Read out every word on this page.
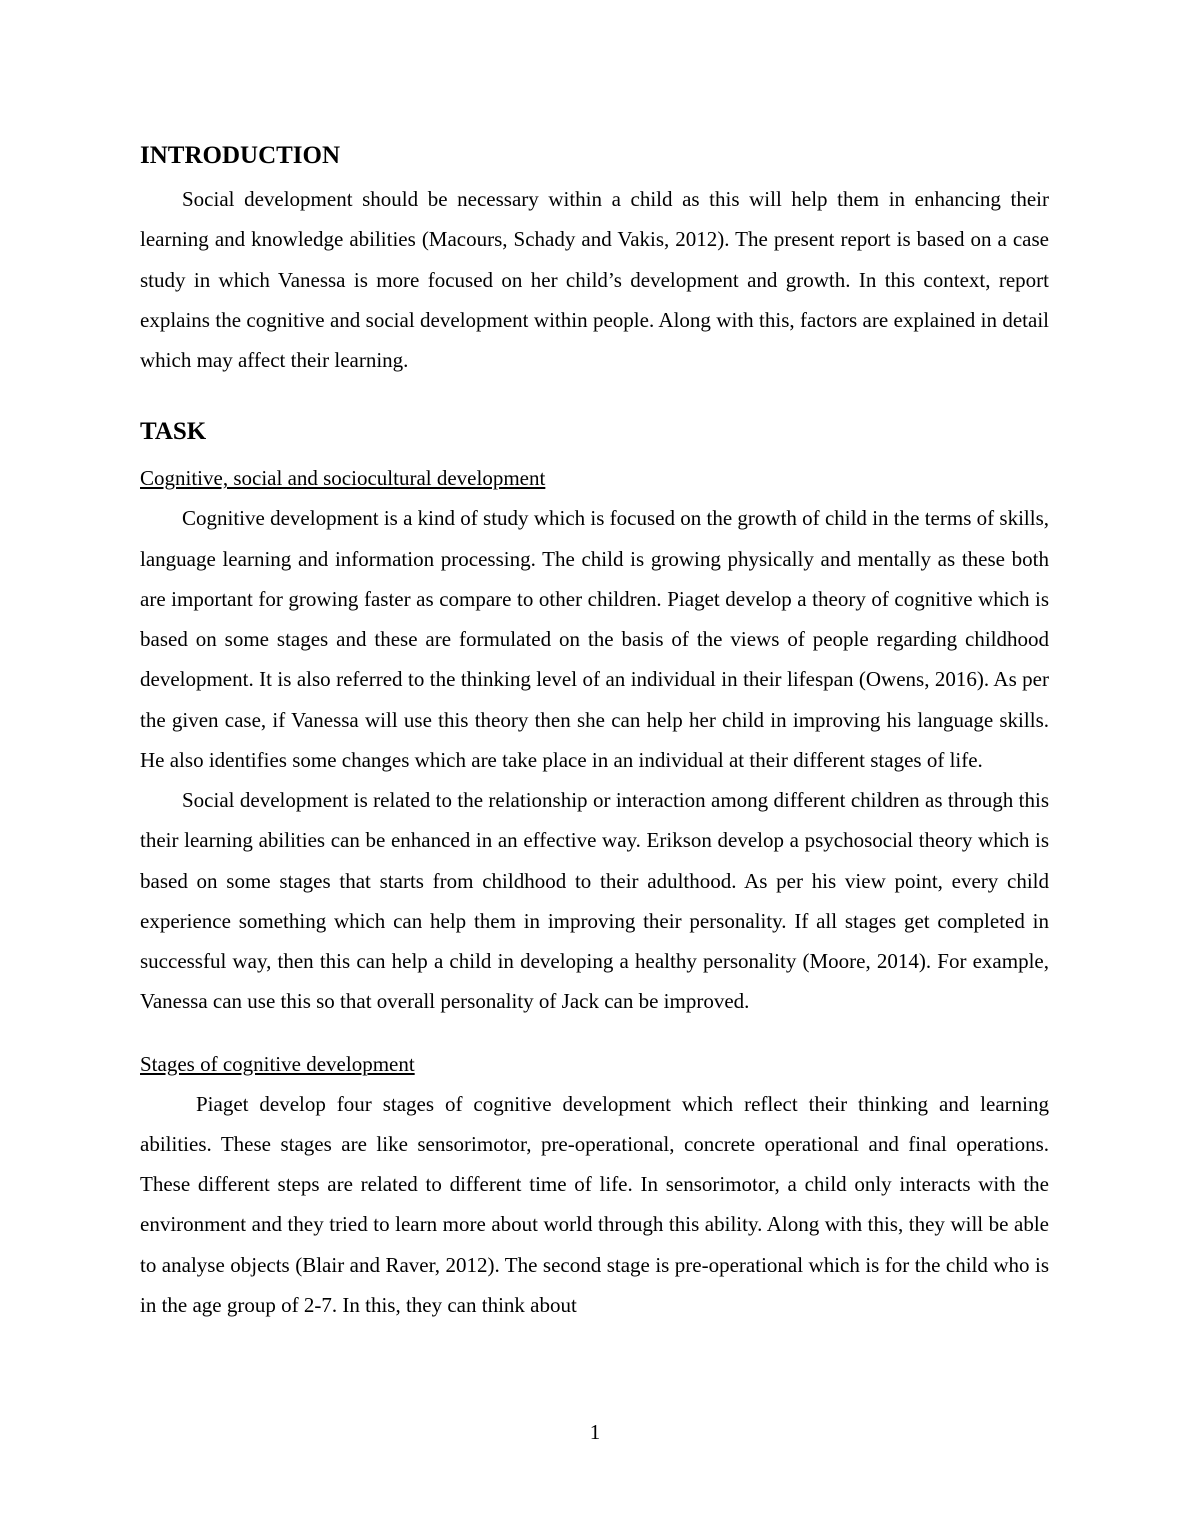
INTRODUCTION

Social development should be necessary within a child as this will help them in enhancing their learning and knowledge abilities (Macours, Schady and Vakis, 2012). The present report is based on a case study in which Vanessa is more focused on her child’s development and growth. In this context, report explains the cognitive and social development within people. Along with this, factors are explained in detail which may affect their learning.

TASK
Cognitive, social and sociocultural development

Cognitive development is a kind of study which is focused on the growth of child in the terms of skills, language learning and information processing. The child is growing physically and mentally as these both are important for growing faster as compare to other children. Piaget develop a theory of cognitive which is based on some stages and these are formulated on the basis of the views of people regarding childhood development. It is also referred to the thinking level of an individual in their lifespan (Owens, 2016). As per the given case, if Vanessa will use this theory then she can help her child in improving his language skills. He also identifies some changes which are take place in an individual at their different stages of life.

Social development is related to the relationship or interaction among different children as through this their learning abilities can be enhanced in an effective way. Erikson develop a psychosocial theory which is based on some stages that starts from childhood to their adulthood. As per his view point, every child experience something which can help them in improving their personality. If all stages get completed in successful way, then this can help a child in developing a healthy personality (Moore, 2014). For example, Vanessa can use this so that overall personality of Jack can be improved.

Stages of cognitive development

Piaget develop four stages of cognitive development which reflect their thinking and learning abilities. These stages are like sensorimotor, pre-operational, concrete operational and final operations. These different steps are related to different time of life. In sensorimotor, a child only interacts with the environment and they tried to learn more about world through this ability. Along with this, they will be able to analyse objects (Blair and Raver, 2012). The second stage is pre-operational which is for the child who is in the age group of 2-7. In this, they can think about

1
